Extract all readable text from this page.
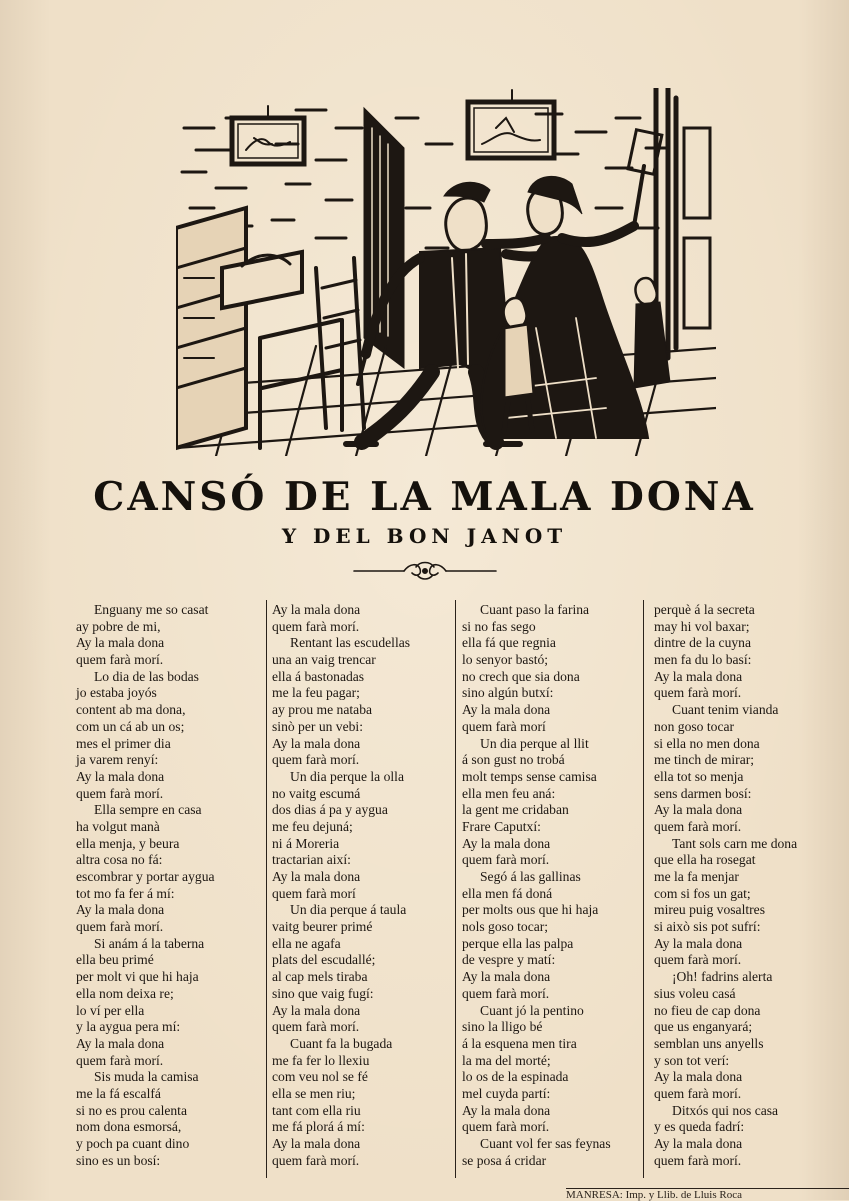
CANSÓ DE LA MALA DONA
Y DEL BON JANOT
Enguany me so casat
ay pobre de mi,
Ay la mala dona
quem farà morí.
Lo dia de las bodas
jo estaba joyós
content ab ma dona,
com un cá ab un os;
mes el primer dia
ja varem renyí:
Ay la mala dona
quem farà morí.
Ella sempre en casa
ha volgut manà
ella menja, y beura
altra cosa no fá:
escombrar y portar aygua
tot mo fa fer á mí:
Ay la mala dona
quem farà morí.
Si anám á la taberna
ella beu primé
per molt vi que hi haja
ella nom deixa re;
lo ví per ella
y la aygua pera mí:
Ay la mala dona
quem farà morí.
Sis muda la camisa
me la fá escalfá
si no es prou calenta
nom dona esmorsá,
y poch pa cuant dino
sino es un bosí:
Ay la mala dona
quem farà morí.
Rentant las escudellas
una an vaig trencar
ella á bastonadas
me la feu pagar;
ay prou me nataba
sinò per un vebi:
Ay la mala dona
quem farà morí.
Un dia perque la olla
no vaitg escumá
dos dias á pa y aygua
me feu dejuná;
ni á Moreria
tractarian així:
Ay la mala dona
quem farà morí
Un dia perque á taula
vaitg beurer primé
ella ne agafa
plats del escudallé;
al cap mels tiraba
sino que vaig fugí:
Ay la mala dona
quem farà morí.
Cuant fa la bugada
me fa fer lo llexiu
com veu nol se fé
ella se men riu;
tant com ella riu
me fá plorá á mí:
Ay la mala dona
quem farà morí.
Cuant paso la farina
si no fas sego
ella fá que regnia
lo senyor bastó;
no crech que sia dona
sino algún butxí:
Ay la mala dona
quem farà morí
Un dia perque al llit
á son gust no trobá
molt temps sense camisa
ella men feu aná:
la gent me cridaban
Frare Caputxí:
Ay la mala dona
quem farà morí.
Segó á las gallinas
ella men fá doná
per molts ous que hi haja
nols goso tocar;
perque ella las palpa
de vespre y matí:
Ay la mala dona
quem farà morí.
Cuant jó la pentino
sino la lligo bé
á la esquena men tira
la ma del morté;
lo os de la espinada
mel cuyda partí:
Ay la mala dona
quem farà morí.
Cuant vol fer sas feynas
se posa á cridar
perquè á la secreta
may hi vol baxar;
dintre de la cuyna
men fa du lo basí:
Ay la mala dona
quem farà morí.
Cuant tenim vianda
non goso tocar
si ella no men dona
me tinch de mirar;
ella tot so menja
sens darmen bosí:
Ay la mala dona
quem farà morí.
Tant sols carn me dona
que ella ha rosegat
me la fa menjar
com si fos un gat;
mireu puig vosaltres
si això sis pot sufrí:
Ay la mala dona
quem farà morí.
¡Oh! fadrins alerta
sius voleu casá
no fieu de cap dona
que us enganyará;
semblan uns anyells
y son tot verí:
Ay la mala dona
quem farà morí.
Ditxós qui nos casa
y es queda fadrí:
Ay la mala dona
quem farà morí.
MANRESA: Imp. y Llib. de Lluis Roca
